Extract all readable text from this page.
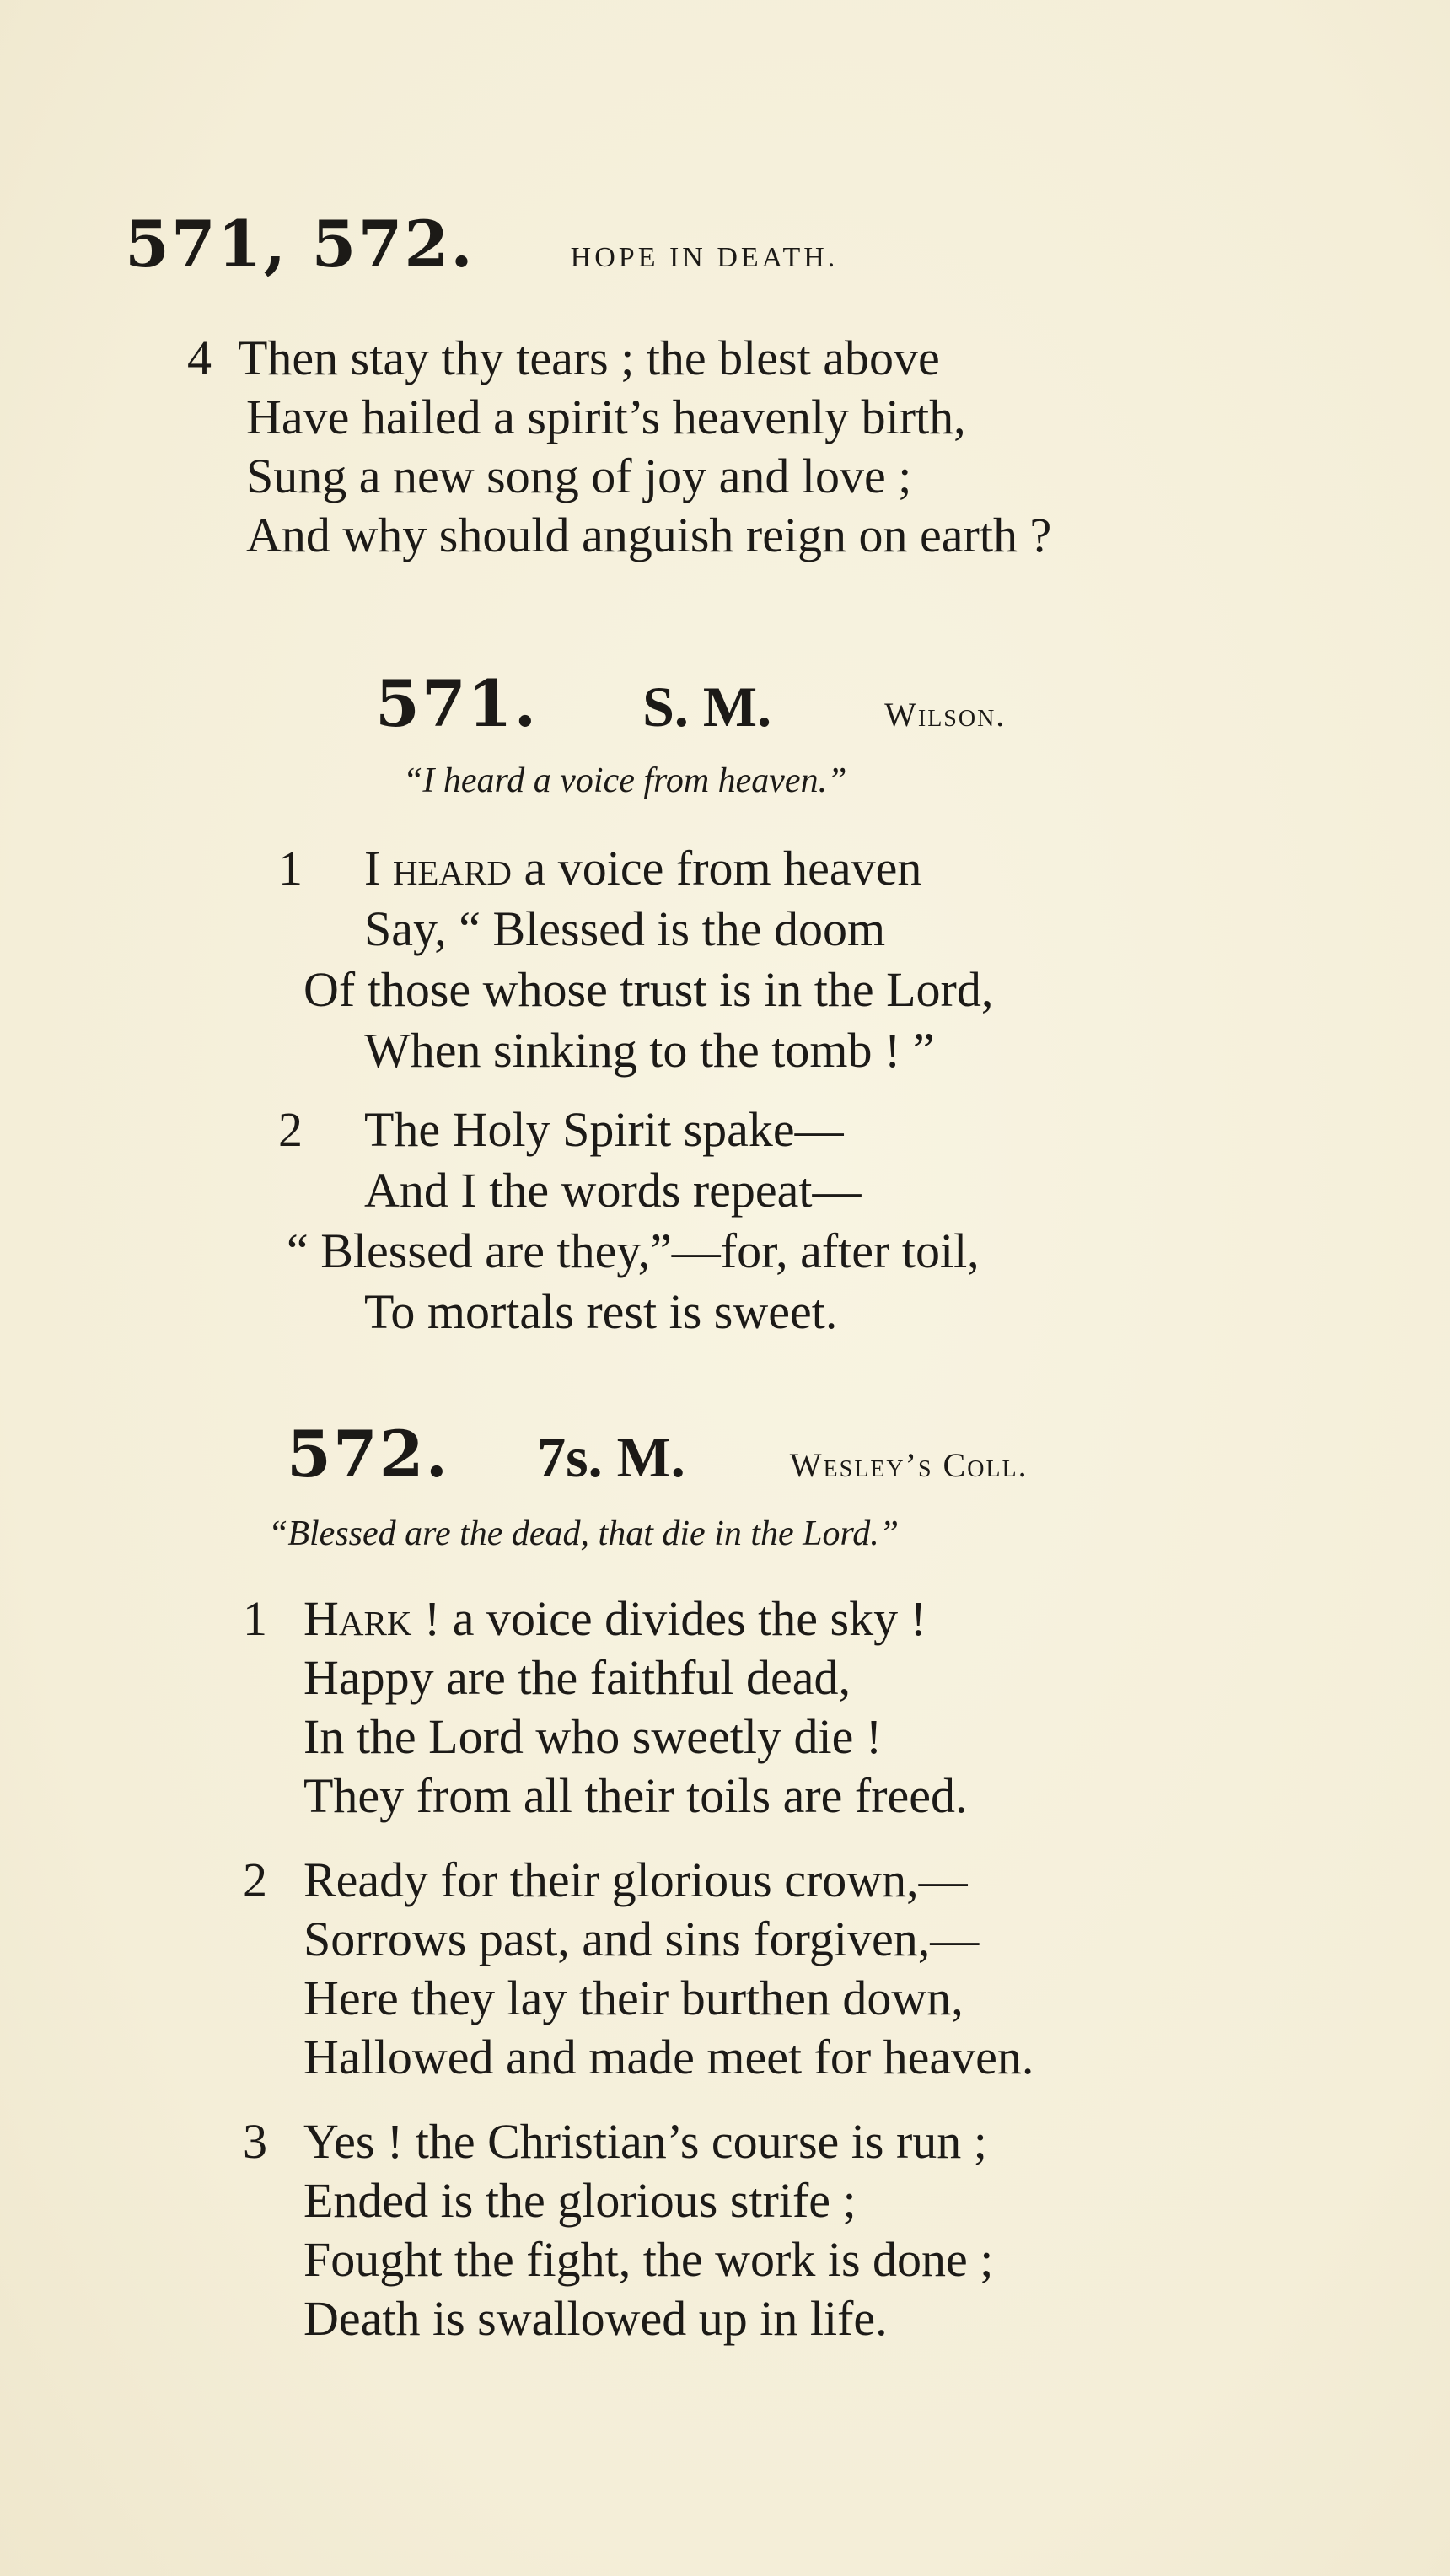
571, 572.	HOPE IN DEATH.
4 Then stay thy tears ; the blest above
Have hailed a spirit’s heavenly birth,
Sung a new song of joy and love ;
And why should anguish reign on earth ?
571. S. M.	Wilson.
“I heard a voice from heaven.”
1 I heard a voice from heaven
Say, “ Blessed is the doom
Of those whose trust is in the Lord,
When sinking to the tomb ! ”
2 The Holy Spirit spake—
And I the words repeat—
“ Blessed are they,”—for, after toil,
To mortals rest is sweet.
572. 7s. M.	Wesley’s Coll.
“Blessed are the dead, that die in the Lord.”
1 Hark ! a voice divides the sky !
Happy are the faithful dead,
In the Lord who sweetly die !
They from all their toils are freed.
2 Ready for their glorious crown,—
Sorrows past, and sins forgiven,—
Here they lay their burthen down,
Hallowed and made meet for heaven.
3 Yes ! the Christian’s course is run ;
Ended is the glorious strife ;
Fought the fight, the work is done ;
Death is swallowed up in life.
